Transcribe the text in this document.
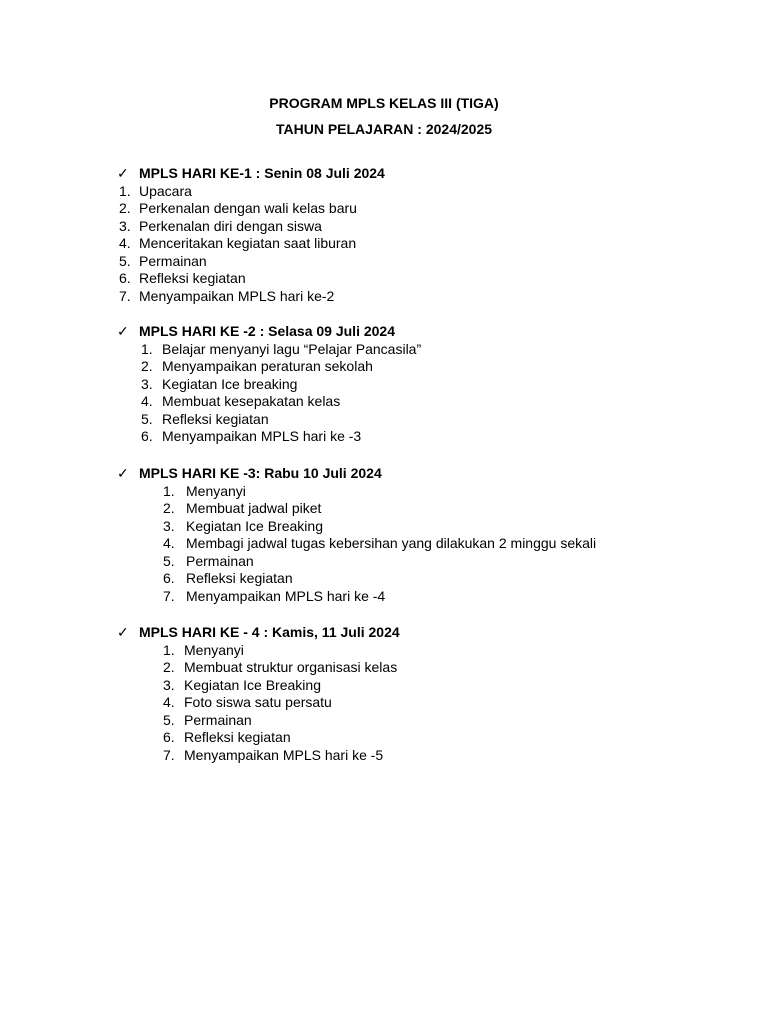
PROGRAM MPLS KELAS III (TIGA)
TAHUN PELAJARAN : 2024/2025
✓ MPLS HARI KE-1 : Senin 08 Juli 2024
1. Upacara
2. Perkenalan dengan wali kelas baru
3. Perkenalan diri dengan siswa
4. Menceritakan kegiatan saat liburan
5. Permainan
6. Refleksi kegiatan
7. Menyampaikan MPLS hari ke-2
✓ MPLS HARI KE -2 : Selasa 09 Juli 2024
1. Belajar menyanyi lagu “Pelajar Pancasila”
2. Menyampaikan peraturan sekolah
3. Kegiatan Ice breaking
4. Membuat kesepakatan kelas
5. Refleksi kegiatan
6. Menyampaikan MPLS hari ke -3
✓ MPLS HARI KE -3: Rabu 10 Juli 2024
1. Menyanyi
2. Membuat jadwal piket
3. Kegiatan Ice Breaking
4. Membagi jadwal tugas kebersihan yang dilakukan 2 minggu sekali
5. Permainan
6. Refleksi kegiatan
7. Menyampaikan MPLS hari ke -4
✓ MPLS HARI KE - 4 : Kamis, 11 Juli 2024
1. Menyanyi
2. Membuat struktur organisasi kelas
3. Kegiatan Ice Breaking
4. Foto siswa satu persatu
5. Permainan
6. Refleksi kegiatan
7. Menyampaikan MPLS hari ke -5
